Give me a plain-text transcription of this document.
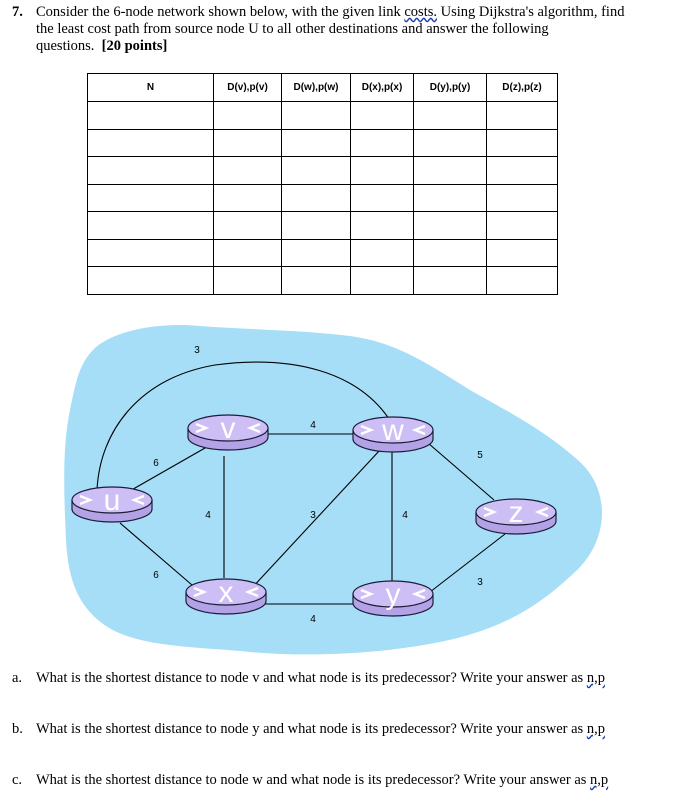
7. Consider the 6-node network shown below, with the given link costs. Using Dijkstra's algorithm, find the least cost path from source node U to all other destinations and answer the following questions. [20 points]
N	D(v),p(v)	D(w),p(w)	D(x),p(x)	D(y),p(y)	D(z),p(z)

3
6
6
4
4	3	4
5
4
3
u
v	w
x	y
z
a. What is the shortest distance to node v and what node is its predecessor? Write your answer as n,p
b. What is the shortest distance to node y and what node is its predecessor? Write your answer as n,p
c. What is the shortest distance to node w and what node is its predecessor? Write your answer as n,p
